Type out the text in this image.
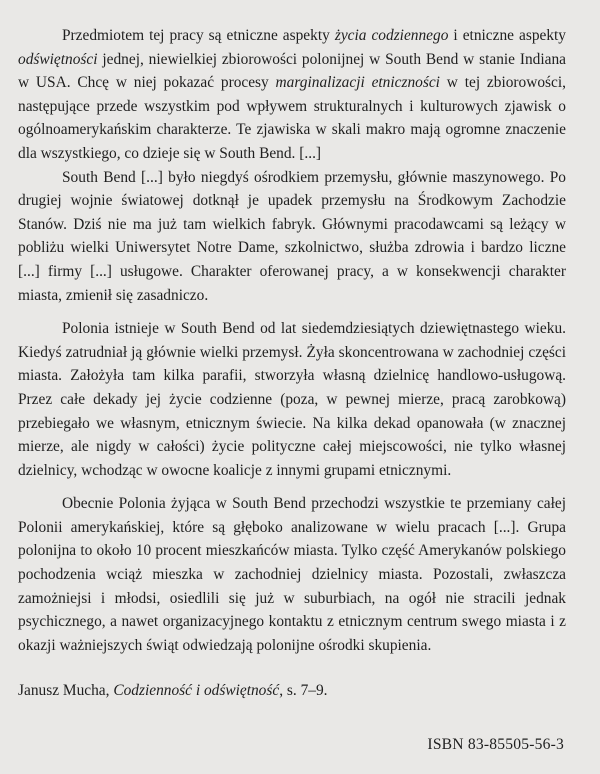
Przedmiotem tej pracy są etniczne aspekty życia codziennego i etniczne aspekty odświętności jednej, niewielkiej zbiorowości polonijnej w South Bend w stanie Indiana w USA. Chcę w niej pokazać procesy marginalizacji etniczności w tej zbiorowości, następujące przede wszystkim pod wpływem strukturalnych i kulturowych zjawisk o ogólnoamerykańskim charakterze. Te zjawiska w skali makro mają ogromne znaczenie dla wszystkiego, co dzieje się w South Bend. [...]

South Bend [...] było niegdyś ośrodkiem przemysłu, głównie maszynowego. Po drugiej wojnie światowej dotknął je upadek przemysłu na Środkowym Zachodzie Stanów. Dziś nie ma już tam wielkich fabryk. Głównymi pracodawcami są leżący w pobliżu wielki Uniwersytet Notre Dame, szkolnictwo, służba zdrowia i bardzo liczne [...] firmy [...] usługowe. Charakter oferowanej pracy, a w konsekwencji charakter miasta, zmienił się zasadniczo.

Polonia istnieje w South Bend od lat siedemdziesiątych dziewiętnastego wieku. Kiedyś zatrudniał ją głównie wielki przemysł. Żyła skoncentrowana w zachodniej części miasta. Założyła tam kilka parafii, stworzyła własną dzielnicę handlowo-usługową. Przez całe dekady jej życie codzienne (poza, w pewnej mierze, pracą zarobkową) przebiegało we własnym, etnicznym świecie. Na kilka dekad opanowała (w znacznej mierze, ale nigdy w całości) życie polityczne całej miejscowości, nie tylko własnej dzielnicy, wchodząc w owocne koalicje z innymi grupami etnicznymi.

Obecnie Polonia żyjąca w South Bend przechodzi wszystkie te przemiany całej Polonii amerykańskiej, które są głęboko analizowane w wielu pracach [...]. Grupa polonijna to około 10 procent mieszkańców miasta. Tylko część Amerykanów polskiego pochodzenia wciąż mieszka w zachodniej dzielnicy miasta. Pozostali, zwłaszcza zamożniejsi i młodsi, osiedlili się już w suburbiach, na ogół nie stracili jednak psychicznego, a nawet organizacyjnego kontaktu z etnicznym centrum swego miasta i z okazji ważniejszych świąt odwiedzają polonijne ośrodki skupienia.

Janusz Mucha, Codzienność i odświętność, s. 7–9.

ISBN 83-85505-56-3
